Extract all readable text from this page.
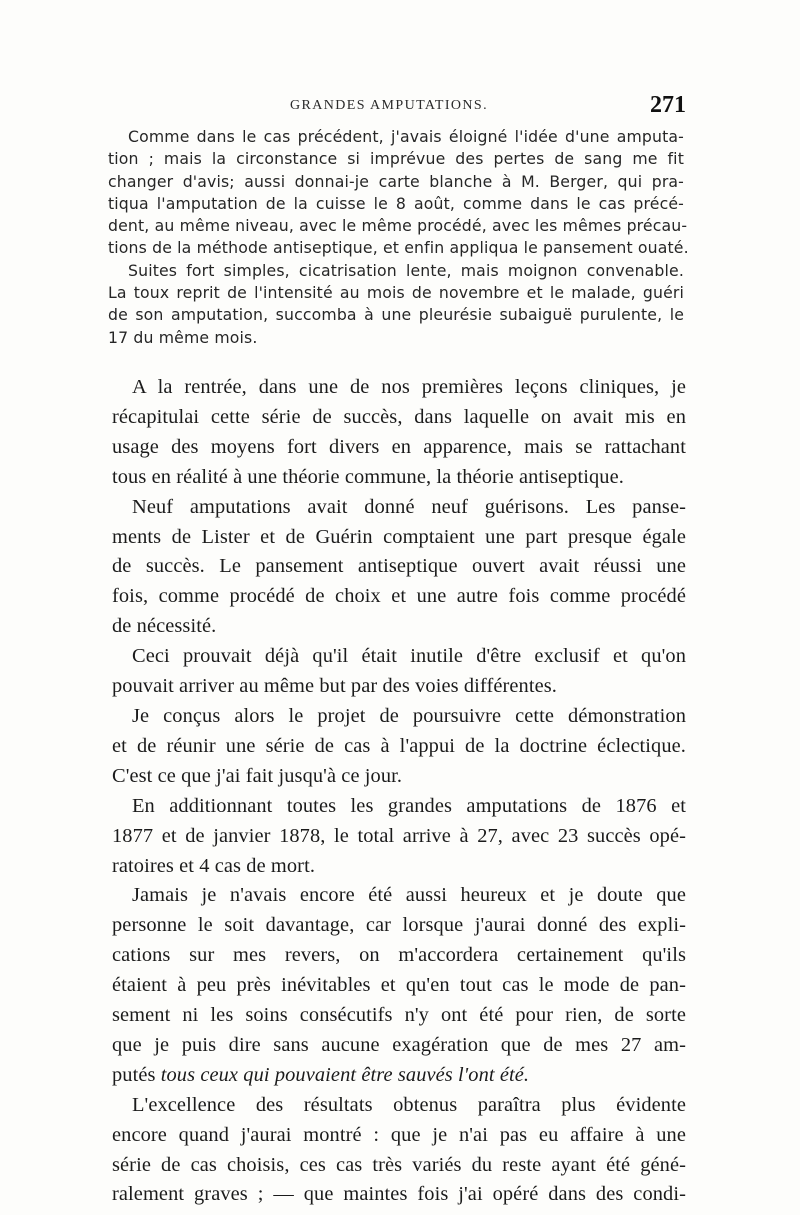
GRANDES AMPUTATIONS.	271
Comme dans le cas précédent, j'avais éloigné l'idée d'une amputa-
tion ; mais la circonstance si imprévue des pertes de sang me fit
changer d'avis; aussi donnai-je carte blanche à M. Berger, qui pra-
tiqua l'amputation de la cuisse le 8 août, comme dans le cas précé-
dent, au même niveau, avec le même procédé, avec les mêmes précau-
tions de la méthode antiseptique, et enfin appliqua le pansement ouaté.
Suites fort simples, cicatrisation lente, mais moignon convenable.
La toux reprit de l'intensité au mois de novembre et le malade, guéri
de son amputation, succomba à une pleurésie subaiguë purulente, le
17 du même mois.
A la rentrée, dans une de nos premières leçons cliniques, je
récapitulai cette série de succès, dans laquelle on avait mis en
usage des moyens fort divers en apparence, mais se rattachant
tous en réalité à une théorie commune, la théorie antiseptique.
Neuf amputations avait donné neuf guérisons. Les panse-
ments de Lister et de Guérin comptaient une part presque égale
de succès. Le pansement antiseptique ouvert avait réussi une
fois, comme procédé de choix et une autre fois comme procédé
de nécessité.
Ceci prouvait déjà qu'il était inutile d'être exclusif et qu'on
pouvait arriver au même but par des voies différentes.
Je conçus alors le projet de poursuivre cette démonstration
et de réunir une série de cas à l'appui de la doctrine éclectique.
C'est ce que j'ai fait jusqu'à ce jour.
En additionnant toutes les grandes amputations de 1876 et
1877 et de janvier 1878, le total arrive à 27, avec 23 succès opé-
ratoires et 4 cas de mort.
Jamais je n'avais encore été aussi heureux et je doute que
personne le soit davantage, car lorsque j'aurai donné des expli-
cations sur mes revers, on m'accordera certainement qu'ils
étaient à peu près inévitables et qu'en tout cas le mode de pan-
sement ni les soins consécutifs n'y ont été pour rien, de sorte
que je puis dire sans aucune exagération que de mes 27 am-
putés tous ceux qui pouvaient être sauvés l'ont été.
L'excellence des résultats obtenus paraîtra plus évidente
encore quand j'aurai montré : que je n'ai pas eu affaire à une
série de cas choisis, ces cas très variés du reste ayant été géné-
ralement graves ; — que maintes fois j'ai opéré dans des condi-
